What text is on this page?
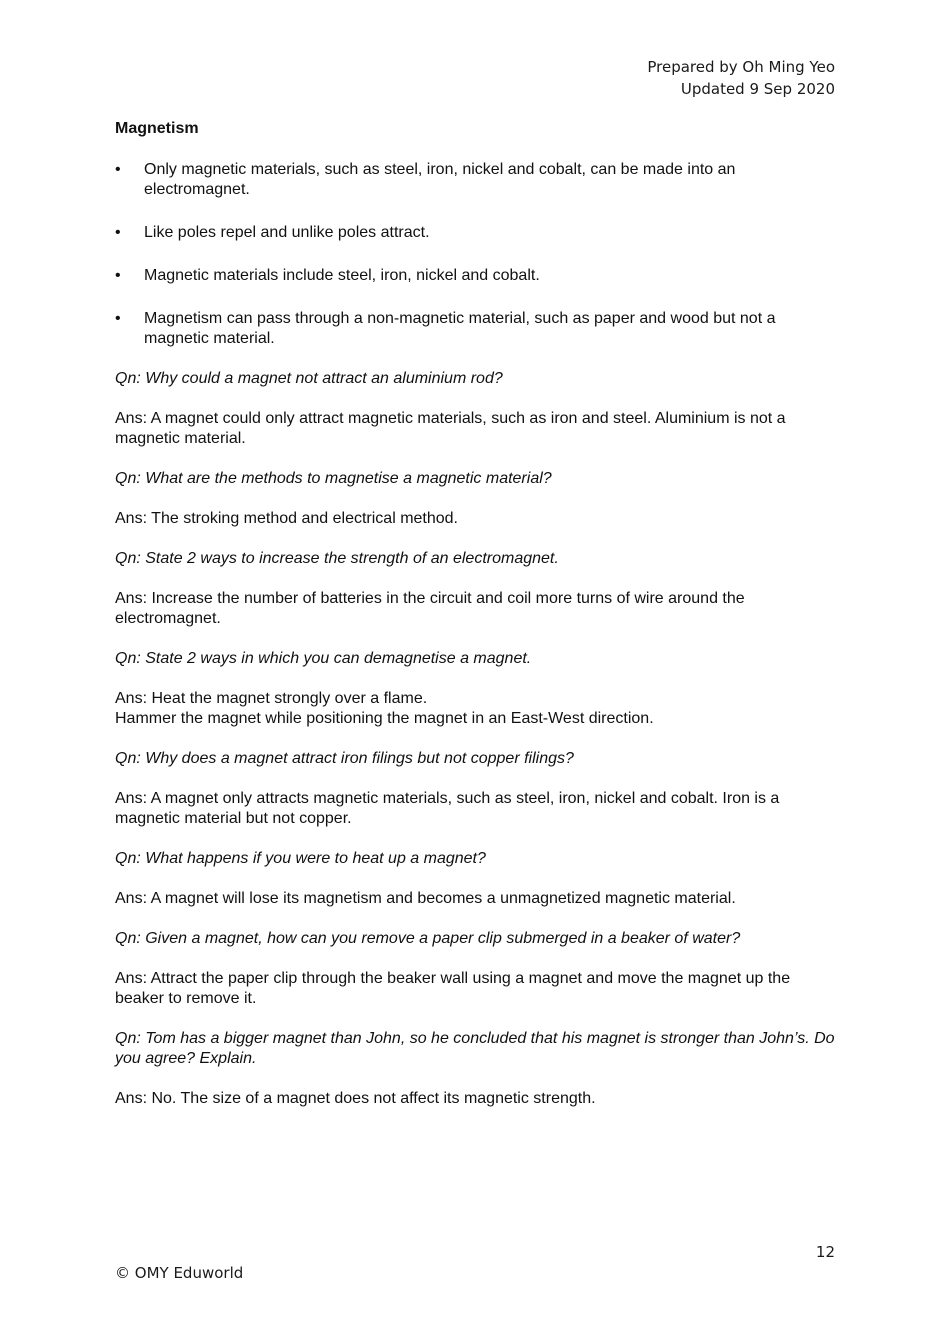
Prepared by Oh Ming Yeo
Updated 9 Sep 2020
Magnetism
•	Only magnetic materials, such as steel, iron, nickel and cobalt, can be made into an electromagnet.
•	Like poles repel and unlike poles attract.
•	Magnetic materials include steel, iron, nickel and cobalt.
•	Magnetism can pass through a non-magnetic material, such as paper and wood but not a magnetic material.
Qn: Why could a magnet not attract an aluminium rod?
Ans: A magnet could only attract magnetic materials, such as iron and steel. Aluminium is not a magnetic material.
Qn: What are the methods to magnetise a magnetic material?
Ans: The stroking method and electrical method.
Qn: State 2 ways to increase the strength of an electromagnet.
Ans: Increase the number of batteries in the circuit and coil more turns of wire around the electromagnet.
Qn: State 2 ways in which you can demagnetise a magnet.
Ans: Heat the magnet strongly over a flame.
Hammer the magnet while positioning the magnet in an East-West direction.
Qn: Why does a magnet attract iron filings but not copper filings?
Ans: A magnet only attracts magnetic materials, such as steel, iron, nickel and cobalt. Iron is a magnetic material but not copper.
Qn: What happens if you were to heat up a magnet?
Ans: A magnet will lose its magnetism and becomes a unmagnetized magnetic material.
Qn: Given a magnet, how can you remove a paper clip submerged in a beaker of water?
Ans: Attract the paper clip through the beaker wall using a magnet and move the magnet up the beaker to remove it.
Qn: Tom has a bigger magnet than John, so he concluded that his magnet is stronger than John’s. Do you agree? Explain.
Ans: No. The size of a magnet does not affect its magnetic strength.
12
© OMY Eduworld
